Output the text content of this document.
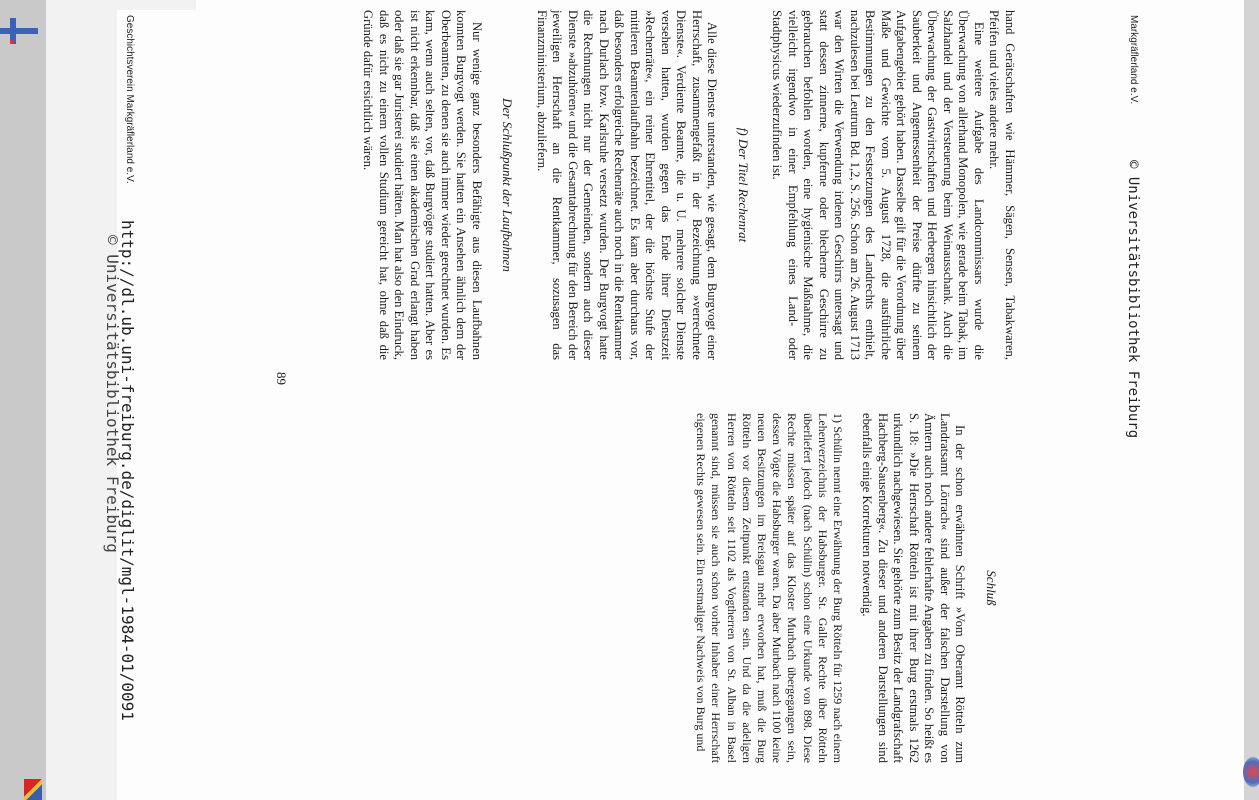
© Universitätsbibliothek Freiburg
Markgräflerland e.V.

hand Gerätschaften wie Hämmer, Sägen, Sensen, Tabakwaren, Pfeifen und vieles andere mehr.

Eine weitere Aufgabe des Landcommissars wurde die Überwachung von allerhand Monopolen, wie gerade beim Tabak, im Salzhandel und der Versteuerung beim Weinausschank. Auch die Überwachung der Gastwirtschaften und Herbergen hinsichtlich der Sauberkeit und Angemessenheit der Preise dürfte zu seinem Aufgabengebiet gehört haben. Dasselbe gilt für die Verordnung über Maße und Gewichte vom 5. August 1728, die ausführliche Bestimmungen zu den Festsetzungen des Landrechts enthielt, nachzulesen bei Leutrum Bd. 1,2, S. 256. Schon am 26. August 1713 war den Wirten die Verwendung irdenen Geschirrs untersagt und statt dessen zinnerne, kupferne oder blecherne Geschirre zu gebrauchen befohlen worden, eine hygienische Maßnahme, die vielleicht irgendwo in einer Empfehlung eines Land- oder Stadtphysicus wiederzufinden ist.

f) Der Titel Rechenrat

Alle diese Dienste unterstanden, wie gesagt, dem Burgvogt einer Herrschaft, zusammengefaßt in der Bezeichnung »verrechnete Dienste«. Verdiente Beamte, die u. U. mehrere solcher Dienste versehen hatten, wurden gegen das Ende ihrer Dienstzeit »Rechenräte«, ein reiner Ehrentitel, der die höchste Stufe der mittleren Beamtenlaufbahn bezeichnet. Es kam aber durchaus vor, daß besonders erfolgreiche Rechenräte auch noch in die Rentkammer nach Durlach bzw. Karlsruhe versetzt wurden. Der Burgvogt hatte die Rechnungen nicht nur der Gemeinden, sondern auch dieser Dienste »abzuhören« und die Gesamtabrechnung für den Bereich der jeweiligen Herrschaft an die Rentkammer, sozusagen das Finanzministerium, abzuliefern.

Der Schlußpunkt der Laufbahnen

Nur wenige ganz besonders Befähigte aus diesen Laufbahnen konnten Burgvogt werden. Sie hatten ein Ansehen ähnlich dem der Oberbeamten, zu denen sie auch immer wieder gerechnet wurden. Es kam, wenn auch selten, vor, daß Burgvögte studiert hatten. Aber es ist nicht erkennbar, daß sie einen akademischen Grad erlangt haben oder daß sie gar Juristerei studiert hätten. Man hat also den Eindruck, daß es nicht zu einem vollen Studium gereicht hat, ohne daß die Gründe dafür ersichtlich wären.

Schluß

In der schon erwähnten Schrift »Vom Oberamt Rötteln zum Landratsamt Lörrach« sind außer der falschen Darstellung von Ämtern auch noch andere fehlerhafte Angaben zu finden. So heißt es S. 18: »Die Herrschaft Rötteln ist mit ihrer Burg erstmals 1262 urkundlich nachgewiesen. Sie gehörte zum Besitz der Landgrafschaft Hachberg-Sausenberg«. Zu dieser und anderen Darstellungen sind ebenfalls einige Korrekturen notwendig.

1) Schülin nennt eine Erwähnung der Burg Rötteln für 1259 nach einem Lehenverzeichnis der Habsburger. St. Galler Rechte über Rötteln überliefert jedoch (nach Schülin) schon eine Urkunde von 898. Diese Rechte müssen später auf das Kloster Murbach übergegangen sein, dessen Vögte die Habsburger waren. Da aber Murbach nach 1100 keine neuen Besitzungen im Breisgau mehr erworben hat, muß die Burg Rötteln vor diesem Zeitpunkt entstanden sein. Und da die adeligen Herren von Rötteln seit 1102 als Vogtherren von St. Alban in Basel genannt sind, müssen sie auch schon vorher Inhaber einer Herrschaft eigenen Rechts gewesen sein. Ein erstmaliger Nachweis von Burg und

89
http://dl.ub.uni-freiburg.de/diglit/mgl-1984-01/0091
© Universitätsbibliothek Freiburg
Geschichtsverein Markgräflerland e.V.
